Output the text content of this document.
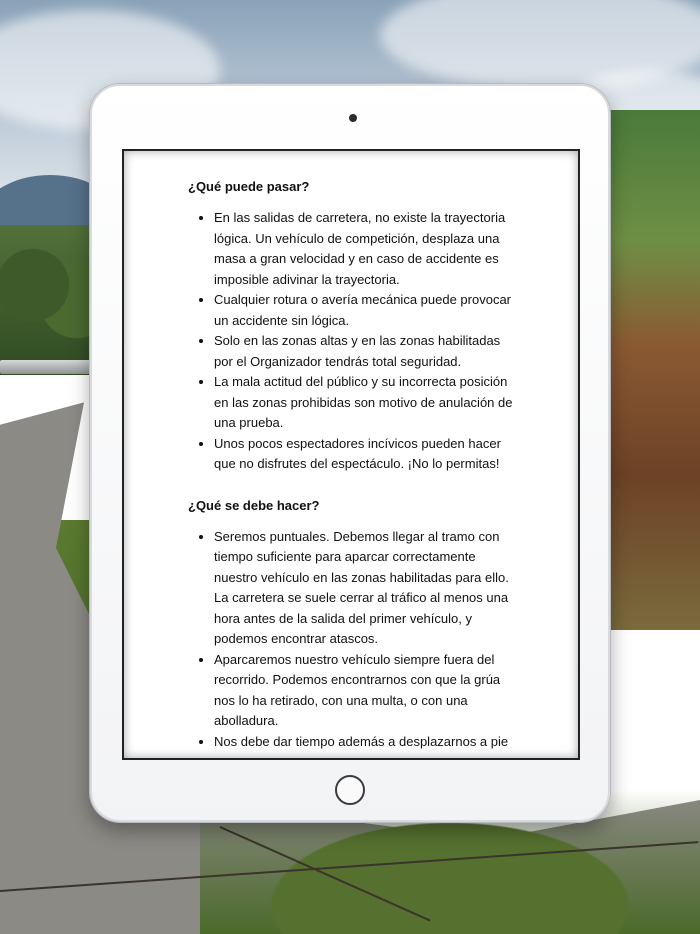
¿Qué puede pasar?
• En las salidas de carretera, no existe la trayectoria lógica. Un vehículo de competición, desplaza una masa a gran velocidad y en caso de accidente es imposible adivinar la trayectoria.
• Cualquier rotura o avería mecánica puede provocar un accidente sin lógica.
• Solo en las zonas altas y en las zonas habilitadas por el Organizador tendrás total seguridad.
• La mala actitud del público y su incorrecta posición en las zonas prohibidas son motivo de anulación de una prueba.
• Unos pocos espectadores incívicos pueden hacer que no disfrutes del espectáculo. ¡No lo permitas!
¿Qué se debe hacer?
• Seremos puntuales. Debemos llegar al tramo con tiempo suficiente para aparcar correctamente nuestro vehículo en las zonas habilitadas para ello. La carretera se suele cerrar al tráfico al menos una hora antes de la salida del primer vehículo, y podemos encontrar atascos.
• Aparcaremos nuestro vehículo siempre fuera del recorrido. Podemos encontrarnos con que la grúa nos lo ha retirado, con una multa, o con una abolladura.
• Nos debe dar tiempo además a desplazarnos a pie
